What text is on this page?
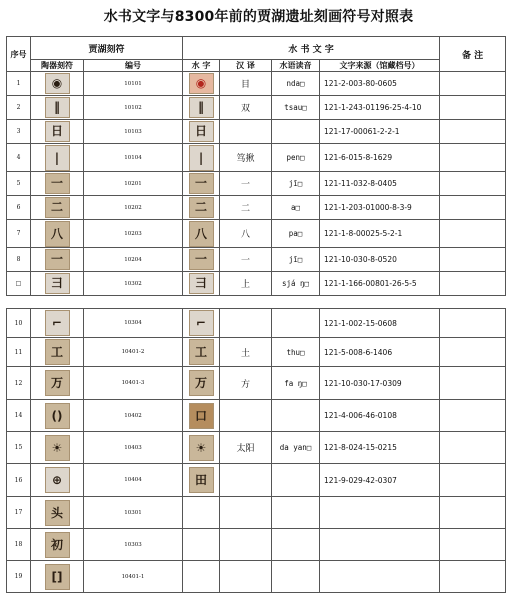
水书文字与8300年前的贾湖遗址刻画符号对照表
序号	贾湖刻符		水 书 文 字				备 注
	陶器刻符	编号	水 字	汉 译	水语读音	文字来源（馆藏档号）	
1	◉	10101	◉	目	nda□	121-2-003-80-0605	
2	‖	10102	‖	双	tsau□	121-1-243-01196-25-4-10	
3	日	10103	日			121-17-00061-2-2-1	
4	|	10104	|	笃揪	pen□	121-6-015-8-1629	
5	一	10201	一	一	jī□	121-11-032-8-0405	
6	二	10202	二	二	a□	121-1-203-01000-8-3-9	
7	八	10203	八	八	pa□	121-1-8-00025-5-2-1	
8	一	10204	一	一	jī□	121-10-030-8-0520	
□	彐	10302	彐	上	sjá ŋ□	121-1-166-00801-26-5-5	
10	⌐	10304	⌐			121-1-002-15-0608	
11	工	10401-2	工	土	thu□	121-5-008-6-1406	
12	万	10401-3	万	方	fa ŋ□	121-10-030-17-0309	
14	()	10402	口			121-4-006-46-0108	
15	☀	10403	☀	太阳	da yan□	121-8-024-15-0215	
16	⊕	10404	田			121-9-029-42-0307	
17	头	10301					
18	初	10303					
19	[]	10401-1					
